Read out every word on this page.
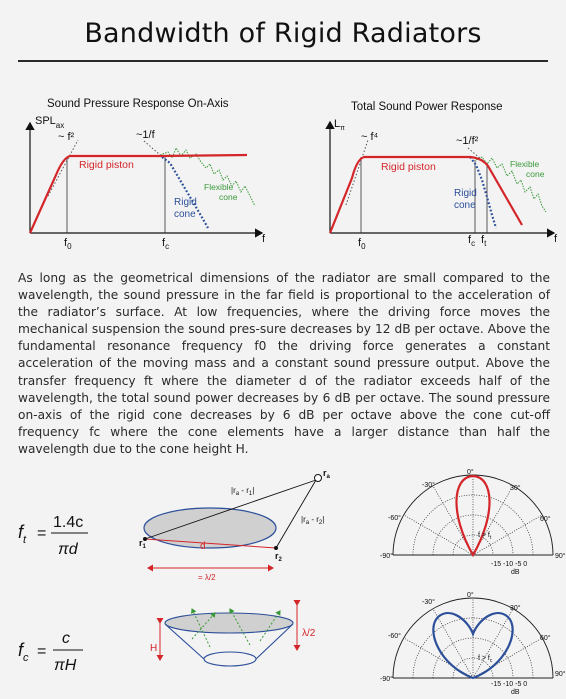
Bandwidth of Rigid Radiators
Sound Pressure Response On-Axis	Total Sound Power Response
$SPL_{ax}$
$f_0$	$f_c$
f
~ f²	~1/f
Rigid piston
Rigid
cone
Flexible
cone
$L_\pi$
$f_0$
$f_c$ $f_t$	f
~ f⁴	~1/f²
Rigid piston
Rigid
cone
Flexible
cone

As long as the geometrical dimensions of the radiator are small compared to the wavelength, the sound pressure in the far field is proportional to the acceleration of the radiator’s surface. At low frequencies, where the driving force moves the mechanical suspension the sound pres-sure decreases by 12 dB per octave. Above the fundamental resonance frequency f0 the driving force generates a constant acceleration of the moving mass and a constant sound pressure output. Above the transfer frequency ft where the diameter d of the radiator exceeds half of the wavelength, the total sound power decreases by 6 dB per octave. The sound pressure on-axis of the rigid cone decreases by 6 dB per octave above the cone cut-off frequency fc where the cone elements have a larger distance than half the wavelength due to the cone height H.

$f_t$ =
1.4c
πd
$f_c$ =
c
πH
$r_a$
$r_1$
$r_2$
$|r_a - r_1|$
$|r_a - r_2|$
d
= λ/2
H
λ/2
0°
30°
-30°
60°
-60°
90°
-90°
-15 -10 -5 0
dB
$f > f_t$
0°
30°
-30°
60°
-60°
90°
-90°
-15 -10 -5 0
dB
$f > f_c$
